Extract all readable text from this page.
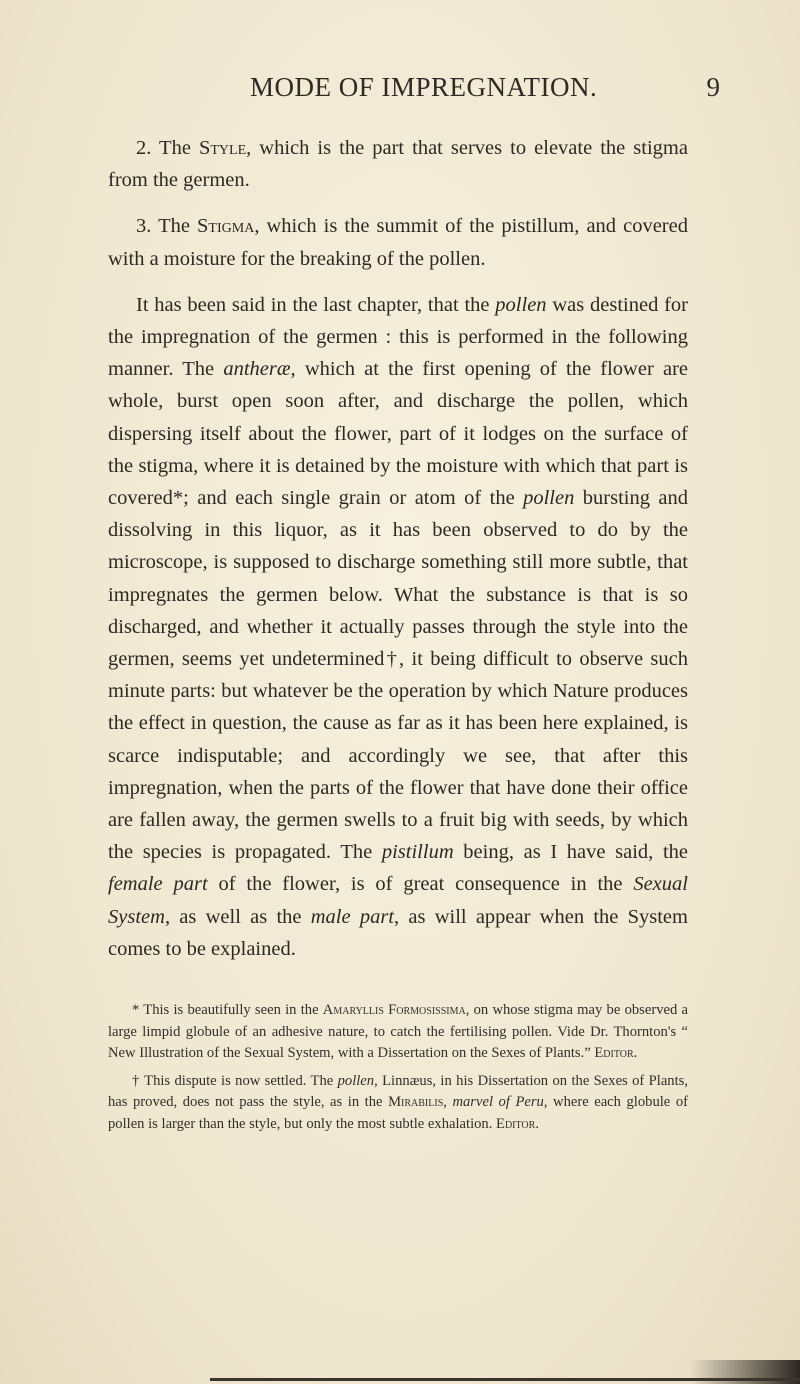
MODE OF IMPREGNATION.	9

2. The Style, which is the part that serves to elevate the stigma from the germen.

3. The Stigma, which is the summit of the pistillum, and covered with a moisture for the breaking of the pollen.

It has been said in the last chapter, that the pollen was destined for the impregnation of the germen : this is performed in the following manner. The antheræ, which at the first opening of the flower are whole, burst open soon after, and discharge the pollen, which dispersing itself about the flower, part of it lodges on the surface of the stigma, where it is detained by the moisture with which that part is covered*; and each single grain or atom of the pollen bursting and dissolving in this liquor, as it has been observed to do by the microscope, is supposed to discharge something still more subtle, that impregnates the germen below. What the substance is that is so discharged, and whether it actually passes through the style into the germen, seems yet undetermined†, it being difficult to observe such minute parts: but whatever be the operation by which Nature produces the effect in question, the cause as far as it has been here explained, is scarce indisputable; and accordingly we see, that after this impregnation, when the parts of the flower that have done their office are fallen away, the germen swells to a fruit big with seeds, by which the species is propagated. The pistillum being, as I have said, the female part of the flower, is of great consequence in the Sexual System, as well as the male part, as will appear when the System comes to be explained.

* This is beautifully seen in the Amaryllis Formosissima, on whose stigma may be observed a large limpid globule of an adhesive nature, to catch the fertilising pollen. Vide Dr. Thornton's “ New Illustration of the Sexual System, with a Dissertation on the Sexes of Plants.” Editor.

† This dispute is now settled. The pollen, Linnæus, in his Dissertation on the Sexes of Plants, has proved, does not pass the style, as in the Mirabilis, marvel of Peru, where each globule of pollen is larger than the style, but only the most subtle exhalation. Editor.
